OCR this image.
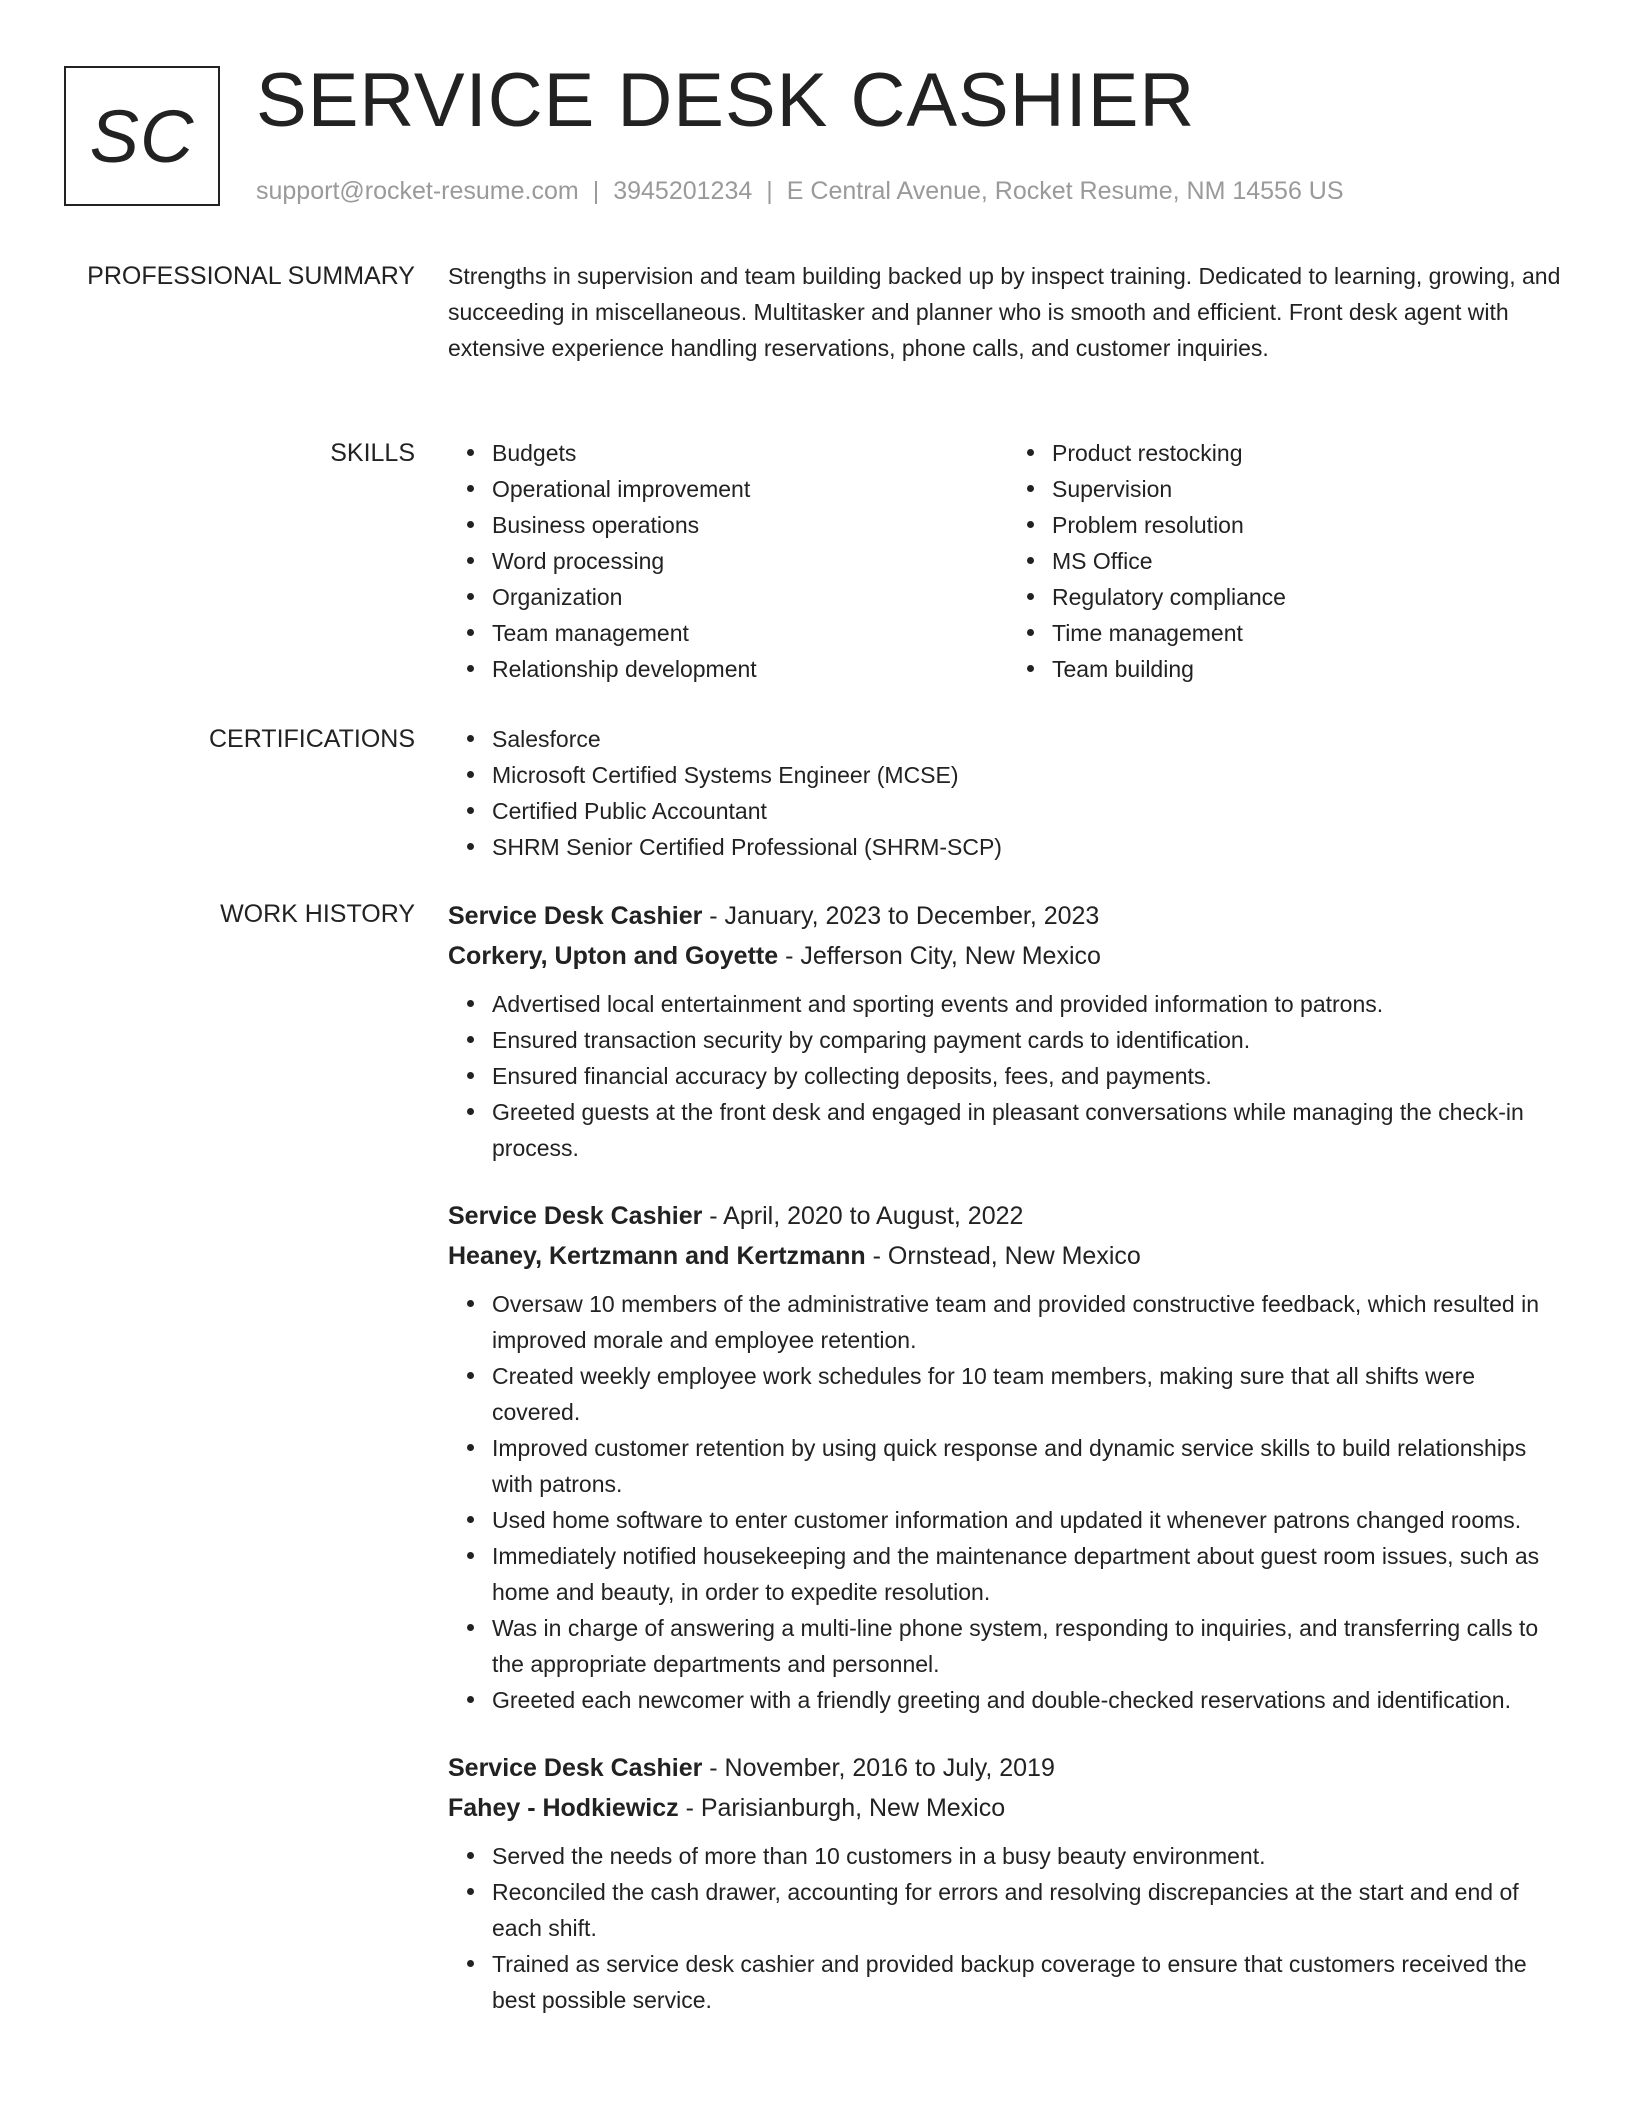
SC SERVICE DESK CASHIER
support@rocket-resume.com | 3945201234 | E Central Avenue, Rocket Resume, NM 14556 US
PROFESSIONAL SUMMARY Strengths in supervision and team building backed up by inspect training. Dedicated to learning, growing, and succeeding in miscellaneous. Multitasker and planner who is smooth and efficient. Front desk agent with extensive experience handling reservations, phone calls, and customer inquiries.

SKILLS	Budgets
Operational improvement
Business operations
Word processing
Organization
Team management
Relationship development
Product restocking
Supervision
Problem resolution
MS Office
Regulatory compliance
Time management
Team building
CERTIFICATIONS	Salesforce
Microsoft Certified Systems Engineer (MCSE)
Certified Public Accountant
SHRM Senior Certified Professional (SHRM-SCP)
WORK HISTORY Service Desk Cashier - January, 2023 to December, 2023
Corkery, Upton and Goyette - Jefferson City, New Mexico
Advertised local entertainment and sporting events and provided information to patrons.
Ensured transaction security by comparing payment cards to identification.
Ensured financial accuracy by collecting deposits, fees, and payments.
Greeted guests at the front desk and engaged in pleasant conversations while managing the check-in process.
Service Desk Cashier - April, 2020 to August, 2022
Heaney, Kertzmann and Kertzmann - Ornstead, New Mexico
Oversaw 10 members of the administrative team and provided constructive feedback, which resulted in improved morale and employee retention.
Created weekly employee work schedules for 10 team members, making sure that all shifts were covered.
Improved customer retention by using quick response and dynamic service skills to build relationships with patrons.
Used home software to enter customer information and updated it whenever patrons changed rooms.
Immediately notified housekeeping and the maintenance department about guest room issues, such as home and beauty, in order to expedite resolution.
Was in charge of answering a multi-line phone system, responding to inquiries, and transferring calls to the appropriate departments and personnel.
Greeted each newcomer with a friendly greeting and double-checked reservations and identification.
Service Desk Cashier - November, 2016 to July, 2019
Fahey - Hodkiewicz - Parisianburgh, New Mexico
Served the needs of more than 10 customers in a busy beauty environment.
Reconciled the cash drawer, accounting for errors and resolving discrepancies at the start and end of each shift.
Trained as service desk cashier and provided backup coverage to ensure that customers received the best possible service.
